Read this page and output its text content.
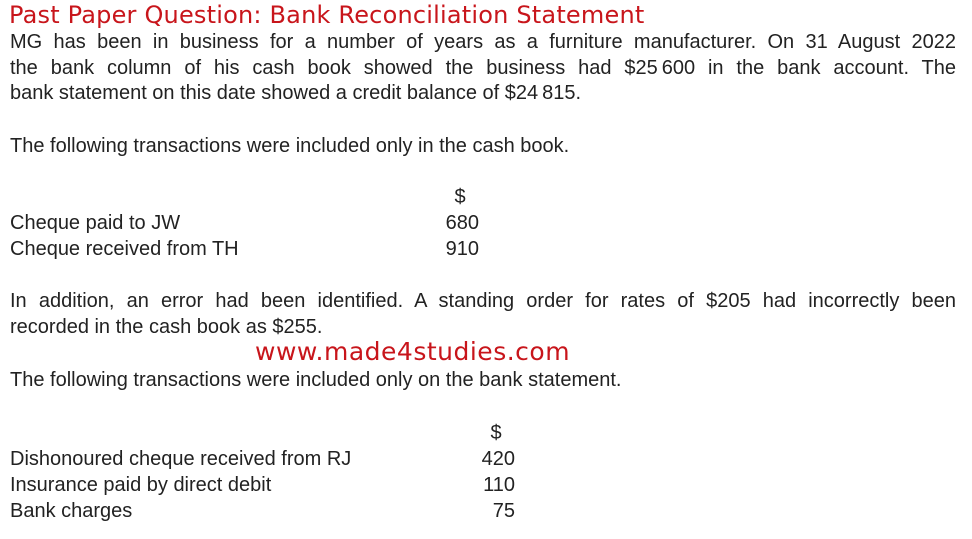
Past Paper Question: Bank Reconciliation Statement
MG has been in business for a number of years as a furniture manufacturer. On 31 August 2022
the bank column of his cash book showed the business had $25 600 in the bank account. The
bank statement on this date showed a credit balance of $24 815.
The following transactions were included only in the cash book.
$
Cheque paid to JW	680
Cheque received from TH	910
In addition, an error had been identified. A standing order for rates of $205 had incorrectly been
recorded in the cash book as $255.
www.made4studies.com
The following transactions were included only on the bank statement.
$
Dishonoured cheque received from RJ	420
Insurance paid by direct debit	110
Bank charges	75
